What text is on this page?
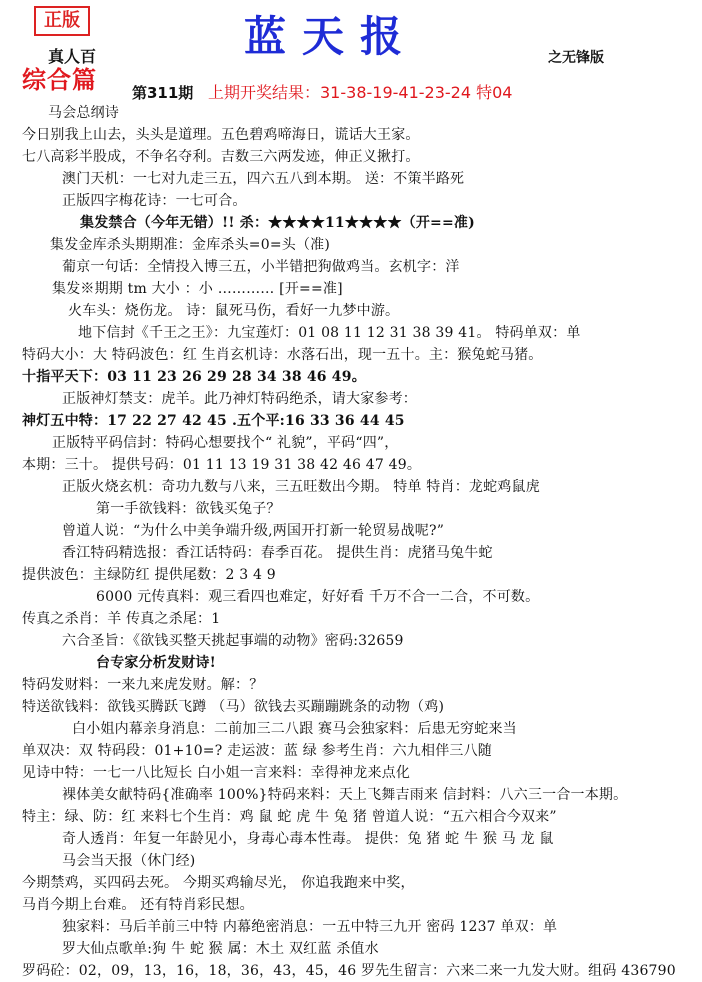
正版	蓝天报
真人百
综合篇
之无锋版
第311期 上期开奖结果：31-38-19-41-23-24 特04
马会总纲诗
今日别我上山去，头头是道理。五色碧鸡啼海日，谎话大王家。
七八高彩半股成，不争名夺利。吉数三六两发迹，伸正义揪打。
澳门天机：一七对九走三五，四六五八到本期。 送：不策半路死
正版四字梅花诗：一七可合。
集发禁合（今年无错）!! 杀：★★★★11★★★★（开==准)
集发金库杀头期期准：金库杀头=0=头（准)
葡京一句话：全情投入博三五，小半错把狗做鸡当。玄机字：洋
集发※期期 tm 大小 ：小 ………… [开==准]
火车头：烧伤龙。 诗：鼠死马伤，看好一九梦中游。
地下信封《千王之王》：九宝莲灯：01 08 11 12 31 38 39 41。 特码单双：单
特码大小：大 特码波色：红 生肖玄机诗：水落石出，现一五十。主：猴兔蛇马猪。
十指平天下：03 11 23 26 29 28 34 38 46 49。
正版神灯禁支：虎羊。此乃神灯特码绝杀，请大家参考：
神灯五中特：17 22 27 42 45 .五个平:16 33 36 44 45
正版特平码信封：特码心想要找个“ 礼貌”，平码“四”，
本期：三十。 提供号码：01 11 13 19 31 38 42 46 47 49。
正版火烧玄机：奇功九数与八来，三五旺数出今期。 特单 特肖：龙蛇鸡鼠虎
第一手欲钱料：欲钱买兔子？
曾道人说：“为什么中美争端升级,两国开打新一轮贸易战呢?”
香江特码精选报：香江话特码：春季百花。 提供生肖：虎猪马兔牛蛇
提供波色：主绿防红 提供尾数：2 3 4 9
6000 元传真料：观三看四也难定，好好看 千万不合一二合，不可数。
传真之杀肖：羊 传真之杀尾：1
六合圣旨：《欲钱买整天挑起事端的动物》密码:32659
台专家分析发财诗!
特码发财料：一来九来虎发财。解：？
特送欲钱料：欲钱买腾跃飞蹲 （马）欲钱去买蹦蹦跳条的动物（鸡)
白小姐内幕亲身消息：二前加三二八跟 赛马会独家料：后患无穷蛇来当
单双决：双 特码段：01+10=? 走运波：蓝 绿 参考生肖：六九相伴三八随
见诗中特：一七一八比短长 白小姐一言来料：幸得神龙来点化
裸体美女献特码{准确率 100%}特码来料：天上飞舞吉雨来 信封料：八六三一合一本期。
特主：绿、防：红 来料七个生肖：鸡 鼠 蛇 虎 牛 兔 猪 曾道人说：“五六相合今双来”
奇人透肖：年复一年龄见小，身毒心毒本性毒。 提供：兔 猪 蛇 牛 猴 马 龙 鼠
马会当天报（休门经)
今期禁鸡，买四码去死。 今期买鸡输尽光， 你追我跑来中奖，
马肖今期上台难。 还有特肖彩民想。
独家料：马后羊前三中特 内幕绝密消息：一五中特三九开 密码 1237 单双：单
罗大仙点歌单:狗 牛 蛇 猴 属：木土 双红蓝 杀值水
罗码砼：02，09，13，16，18，36，43，45，46 罗先生留言：六来二来一九发大财。组码 436790
